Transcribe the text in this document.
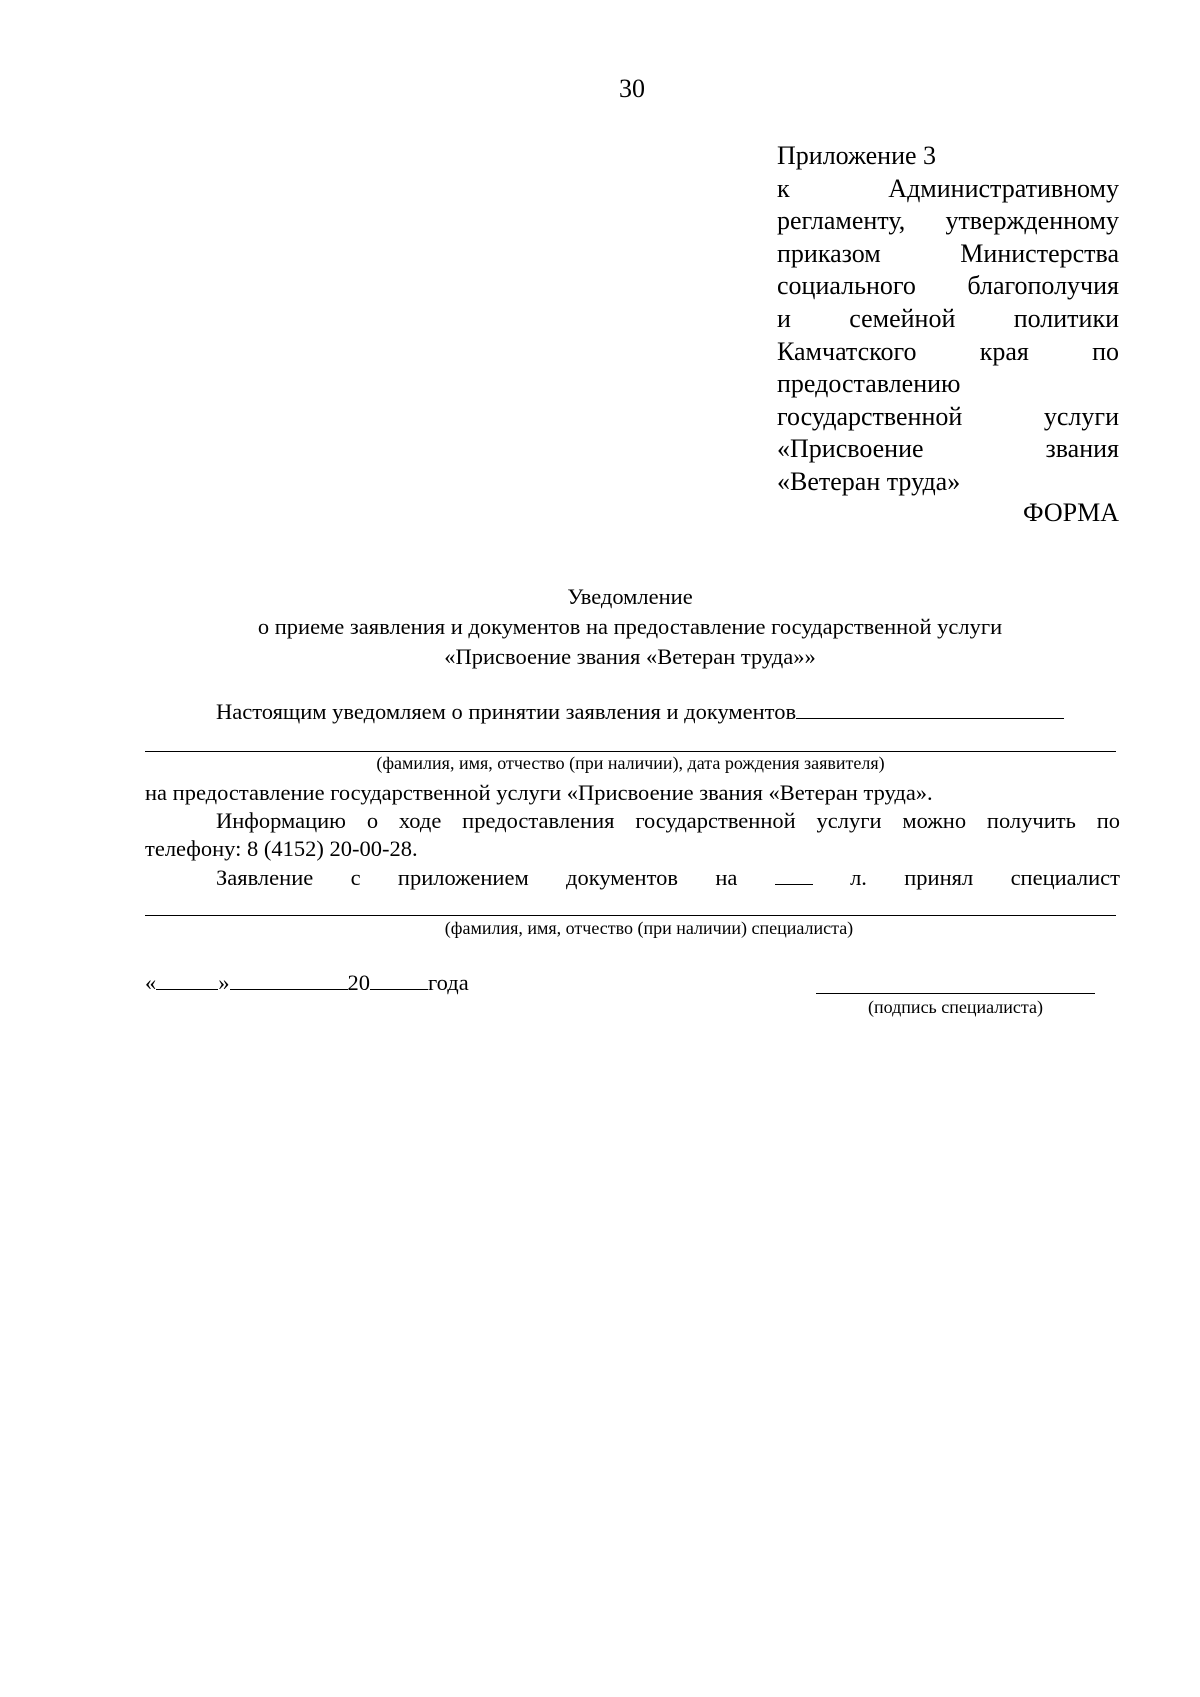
30
Приложение 3
к Административному
регламенту, утвержденному
приказом Министерства
социального благополучия
и семейной политики
Камчатского края по
предоставлению
государственной услуги
«Присвоение звания
«Ветеран труда»
ФОРМА
Уведомление
о приеме заявления и документов на предоставление государственной услуги
«Присвоение звания «Ветеран труда»»
Настоящим уведомляем о принятии заявления и документов
(фамилия, имя, отчество (при наличии), дата рождения заявителя)
на предоставление государственной услуги «Присвоение звания «Ветеран труда».
Информацию о ходе предоставления государственной услуги можно получить по
телефону: 8 (4152) 20-00-28.
Заявление с приложением документов на	л. принял специалист
(фамилия, имя, отчество (при наличии) специалиста)
«	»	20	года
(подпись специалиста)
